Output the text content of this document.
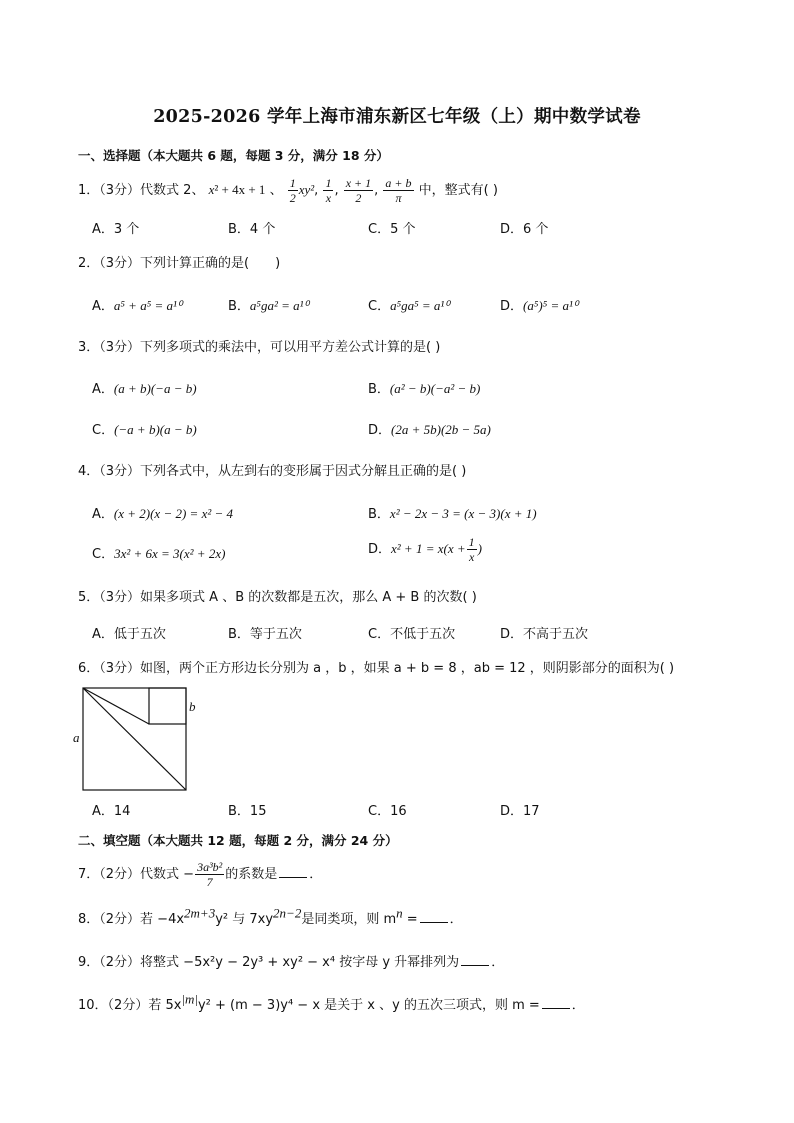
2025-2026 学年上海市浦东新区七年级（上）期中数学试卷
一、选择题（本大题共 6 题，每题 3 分，满分 18 分）
1．（3分）代数式 2、 x² + 4x + 1 、 $\frac{1}{2} xy^2$, $\frac{1}{x}$ , $\frac{x + 1}{2}$ , $\frac{a + b}{\pi}$ 中，整式有( )
A．3 个	B．4 个	C．5 个	D．6 个
2．（3分）下列计算正确的是(　　)
A．a⁵ + a⁵ = a¹⁰	B．a⁵ga² = a¹⁰	C．a⁵ga⁵ = a¹⁰	D．(a⁵)⁵ = a¹⁰
3．（3分）下列多项式的乘法中，可以用平方差公式计算的是( )
A．(a + b)(−a − b)	B．(a² − b)(−a² − b)
C．(−a + b)(a − b)	D．(2a + 5b)(2b − 5a)
4．（3分）下列各式中，从左到右的变形属于因式分解且正确的是( )
A．(x + 2)(x − 2) = x² − 4	B．x² − 2x − 3 = (x − 3)(x + 1)
C．3x² + 6x = 3(x² + 2x)	D．$x^2 + 1 = x(x + \frac{1}{x}$ )
5．（3分）如果多项式 A 、B 的次数都是五次，那么 A + B 的次数( )
A．低于五次	B．等于五次	C．不低于五次	D．不高于五次
6．（3分）如图，两个正方形边长分别为 a ，b ，如果 a + b = 8 ，ab = 12 ，则阴影部分的面积为( )
a
b
A．14	B．15	C．16	D．17
二、填空题（本大题共 12 题，每题 2 分，满分 24 分）
7．（2分）代数式 − $\frac{\text{3a³b²}}{7}$ 的系数是 ．
8．（2分）若 $-4x^{2m+3}y^2$ 与 $7xy^{2n-2}$是同类项，则 $m^n$ = ．
9．（2分）将整式 −5x²y − 2y³ + xy² − x⁴ 按字母 y 升幂排列为 ．
10．（2分）若 $5x^{|m|}y^2 + (m - 3)y^4 - x$ 是关于 x 、y 的五次三项式，则 m = ．
